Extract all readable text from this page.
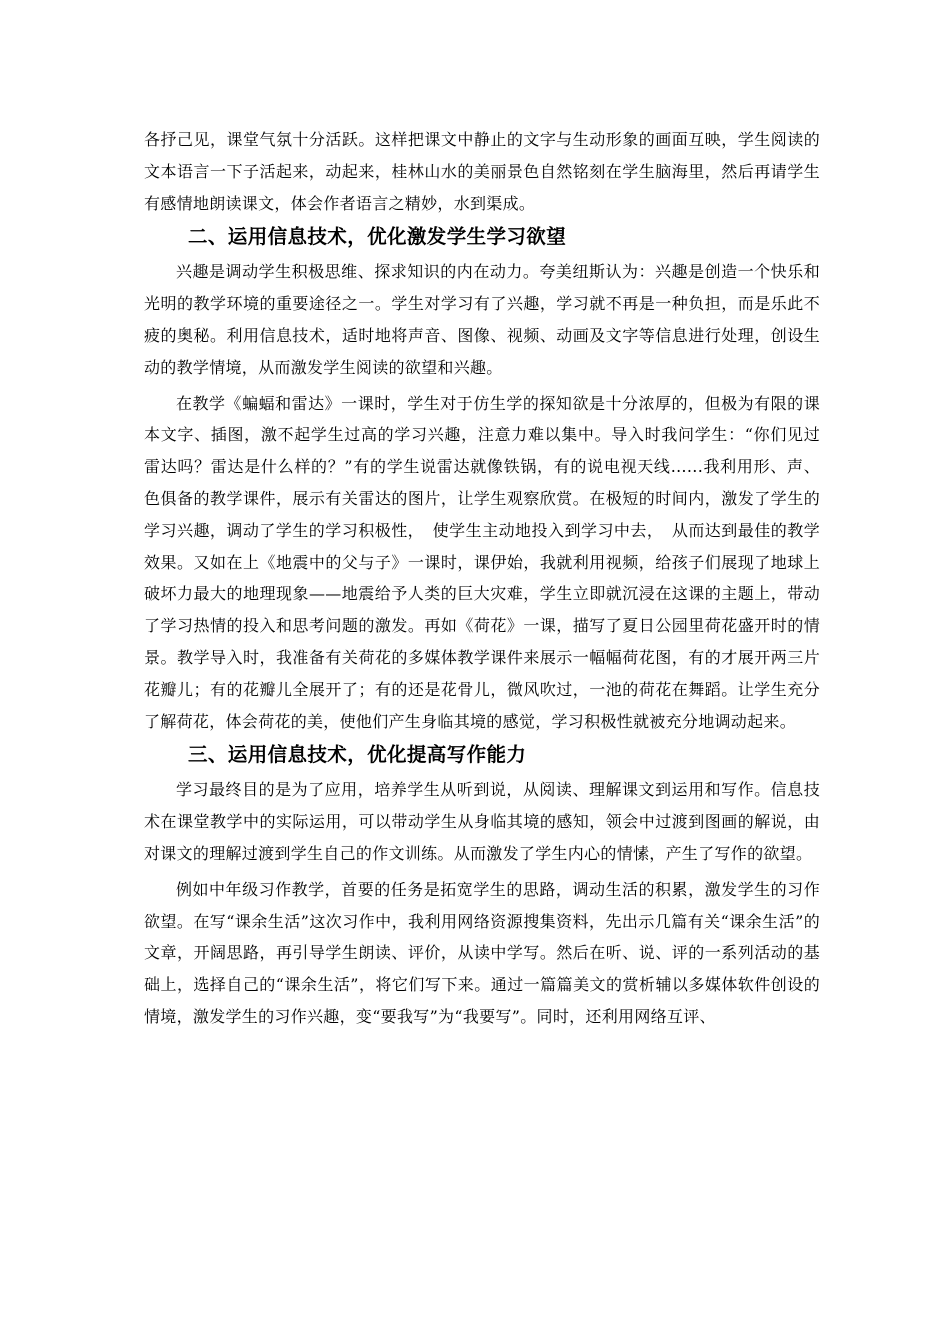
各抒己见，课堂气氛十分活跃。这样把课文中静止的文字与生动形象的画面互映，学生阅读的 文本语言一下子活起来，动起来，桂林山水的美丽景色自然铭刻在学生脑海里，然后再请学生有感情地朗读课文，体会作者语言之精妙，水到渠成。

二、运用信息技术，优化激发学生学习欲望

兴趣是调动学生积极思维、探求知识的内在动力。夸美纽斯认为：兴趣是创造一个快乐和光明的教学环境的重要途径之一。学生对学习有了兴趣，学习就不再是一种负担，而是乐此不疲的奥秘。利用信息技术，适时地将声音、图像、视频、动画及文字等信息进行处理，创设生动的教学情境，从而激发学生阅读的欲望和兴趣。

在教学《蝙蝠和雷达》一课时，学生对于仿生学的探知欲是十分浓厚的，但极为有限的课本文字、插图，激不起学生过高的学习兴趣，注意力难以集中。导入时我问学生：“你们见过雷达吗？雷达是什么样的？”有的学生说雷达就像铁锅，有的说电视天线…...我利用形、声、色俱备的教学课件，展示有关雷达的图片，让学生观察欣赏。在极短的时间内，激发了学生的学习兴趣，调动了学生的学习积极性，　使学生主动地投入到学习中去，　从而达到最佳的教学效果。又如在上《地震中的父与子》一课时，课伊始，我就利用视频，给孩子们展现了地球上破坏力最大的地理现象——地震给予人类的巨大灾难，学生立即就沉浸在这课的主题上，带动了学习热情的投入和思考问题的激发。再如《荷花》一课，描写了夏日公园里荷花盛开时的情景。教学导入时，我准备有关荷花的多媒体教学课件来展示一幅幅荷花图，有的才展开两三片花瓣儿；有的花瓣儿全展开了；有的还是花骨儿，微风吹过，一池的荷花在舞蹈。让学生充分了解荷花，体会荷花的美，使他们产生身临其境的感觉，学习积极性就被充分地调动起来。

三、运用信息技术，优化提高写作能力

学习最终目的是为了应用，培养学生从听到说，从阅读、理解课文到运用和写作。信息技术在课堂教学中的实际运用，可以带动学生从身临其境的感知，领会中过渡到图画的解说，由对课文的理解过渡到学生自己的作文训练。从而激发了学生内心的情愫，产生了写作的欲望。

例如中年级习作教学，首要的任务是拓宽学生的思路，调动生活的积累，激发学生的习作欲望。在写“课余生活”这次习作中，我利用网络资源搜集资料，先出示几篇有关“课余生活”的文章，开阔思路，再引导学生朗读、评价，从读中学写。然后在听、说、评的一系列活动的基础上，选择自己的“课余生活”，将它们写下来。通过一篇篇美文的赏析辅以多媒体软件创设的情境，激发学生的习作兴趣，变“要我写”为“我要写”。同时，还利用网络互评、
